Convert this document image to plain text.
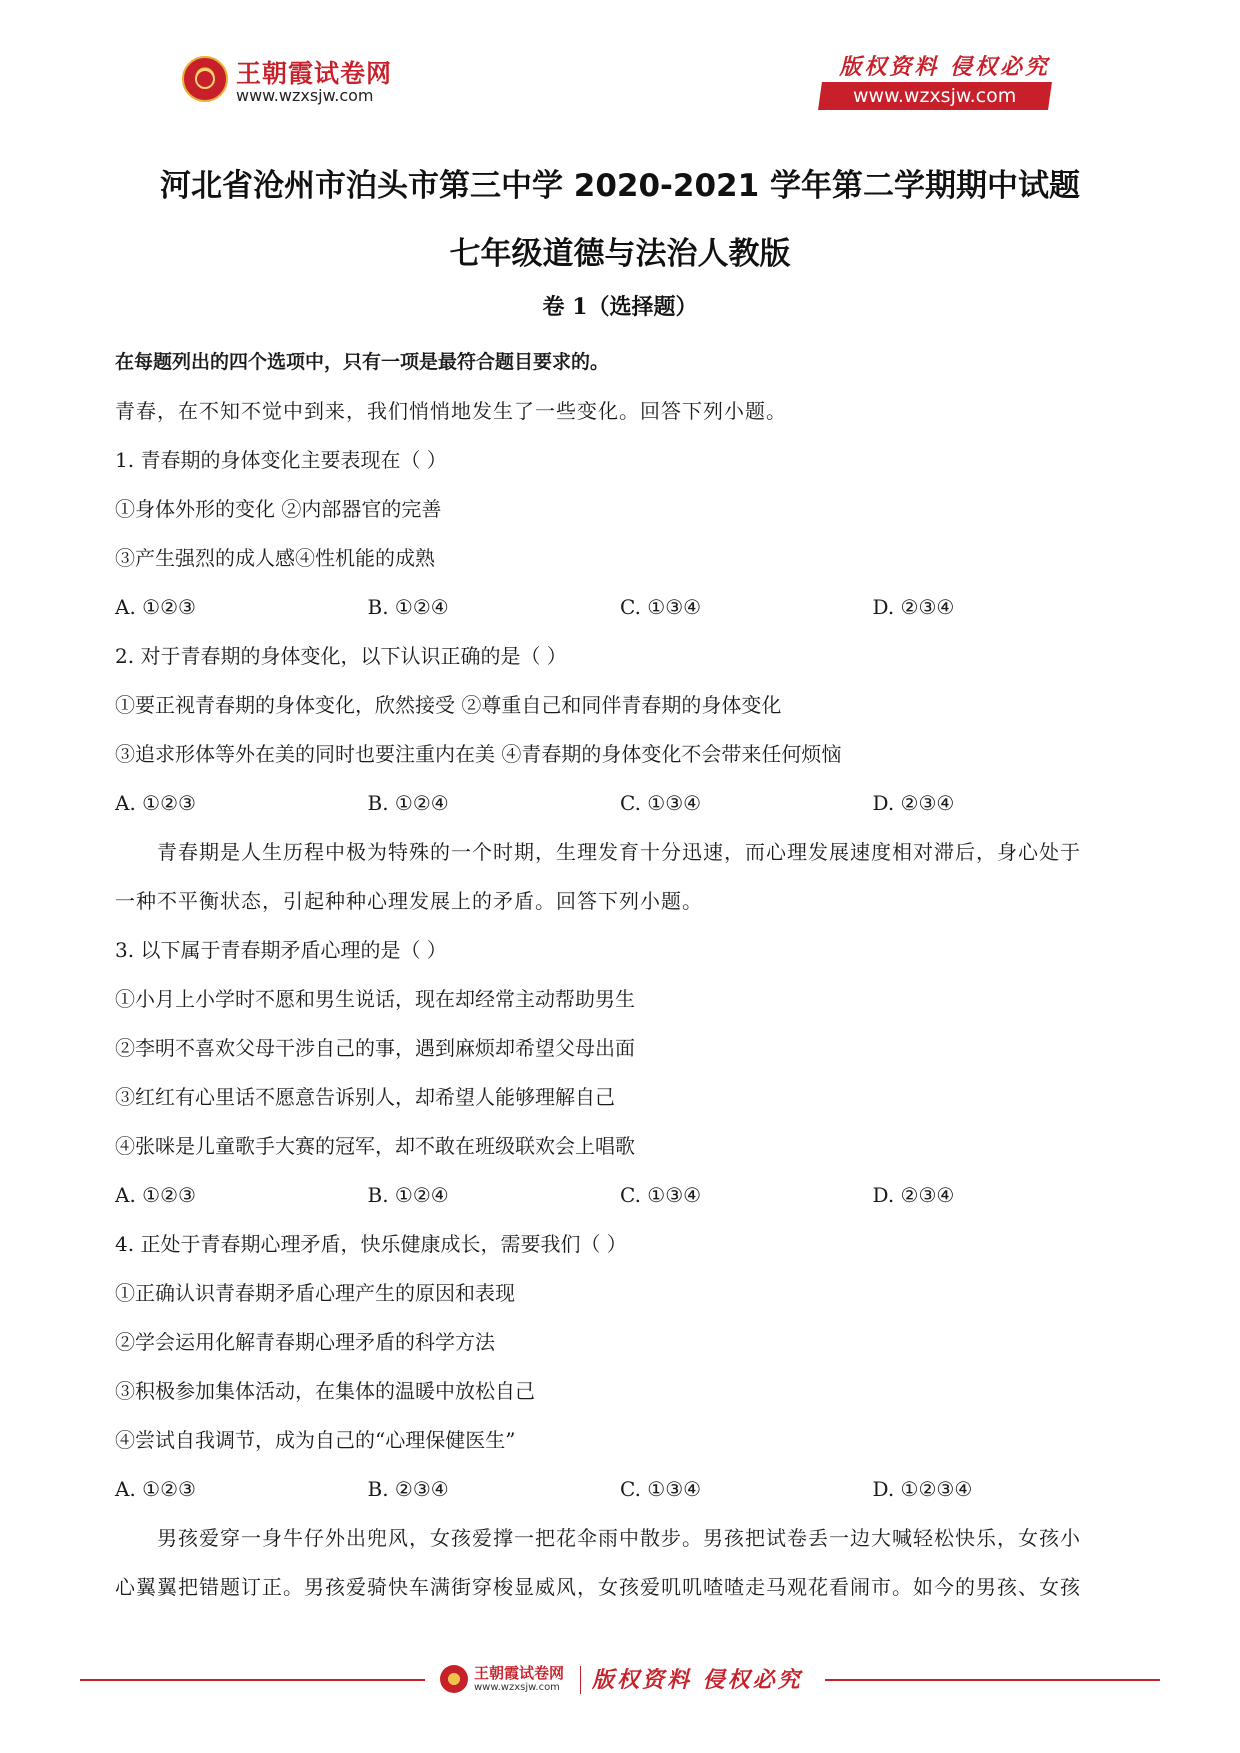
王朝霞试卷网
www.wzxsjw.com
版权资料 侵权必究
www.wzxsjw.com
河北省沧州市泊头市第三中学 2020-2021 学年第二学期期中试题
七年级道德与法治人教版
卷 1（选择题）
在每题列出的四个选项中，只有一项是最符合题目要求的。
青春，在不知不觉中到来，我们悄悄地发生了一些变化。回答下列小题。
1. 青春期的身体变化主要表现在（ ）
①身体外形的变化 ②内部器官的完善
③产生强烈的成人感④性机能的成熟
A. ①②③	B. ①②④	C. ①③④	D. ②③④
2. 对于青春期的身体变化，以下认识正确的是（ ）
①要正视青春期的身体变化，欣然接受 ②尊重自己和同伴青春期的身体变化
③追求形体等外在美的同时也要注重内在美 ④青春期的身体变化不会带来任何烦恼
A. ①②③	B. ①②④	C. ①③④	D. ②③④
青春期是人生历程中极为特殊的一个时期，生理发育十分迅速，而心理发展速度相对滞后，身心处于
一种不平衡状态，引起种种心理发展上的矛盾。回答下列小题。
3. 以下属于青春期矛盾心理的是（ ）
①小月上小学时不愿和男生说话，现在却经常主动帮助男生
②李明不喜欢父母干涉自己的事，遇到麻烦却希望父母出面
③红红有心里话不愿意告诉别人，却希望人能够理解自己
④张咪是儿童歌手大赛的冠军，却不敢在班级联欢会上唱歌
A. ①②③	B. ①②④	C. ①③④	D. ②③④
4. 正处于青春期心理矛盾，快乐健康成长，需要我们（ ）
①正确认识青春期矛盾心理产生的原因和表现
②学会运用化解青春期心理矛盾的科学方法
③积极参加集体活动，在集体的温暖中放松自己
④尝试自我调节，成为自己的“心理保健医生”
A. ①②③	B. ②③④	C. ①③④	D. ①②③④
男孩爱穿一身牛仔外出兜风，女孩爱撑一把花伞雨中散步。男孩把试卷丢一边大喊轻松快乐，女孩小
心翼翼把错题订正。男孩爱骑快车满街穿梭显威风，女孩爱叽叽喳喳走马观花看闹市。如今的男孩、女孩
王朝霞试卷网
www.wzxsjw.com 版权资料 侵权必究
